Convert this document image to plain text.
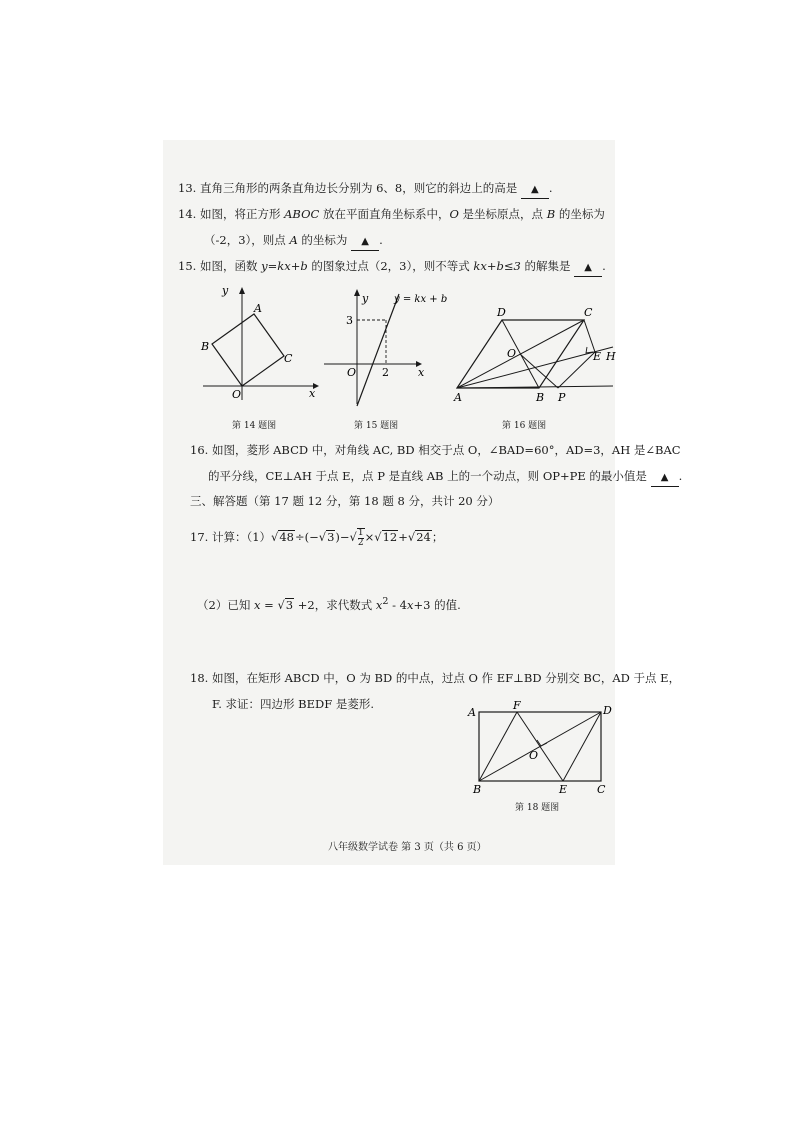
13. 直角三角形的两条直角边长分别为 6、8，则它的斜边上的高是 ▲ .
14. 如图，将正方形 ABOC 放在平面直角坐标系中，O 是坐标原点，点 B 的坐标为
（-2，3），则点 A 的坐标为 ▲ .
15. 如图，函数 y=kx+b 的图象过点（2，3），则不等式 kx+b≤3 的解集是 ▲ .
y
x
A
B
C
O
第 14 题图
y
x
O
3
2
y = kx + b
第 15 题图
D	C
O	E H
A	B P
第 16 题图
16. 如图，菱形 ABCD 中，对角线 AC, BD 相交于点 O，∠BAD=60°，AD=3，AH 是∠BAC
的平分线，CE⊥AH 于点 E，点 P 是直线 AB 上的一个动点，则 OP+PE 的最小值是 ▲ .
三、解答题（第 17 题 12 分，第 18 题 8 分，共计 20 分）
17. 计算：$(1)√48\div(-√3)-√ \frac{1}{2} \times√12+√24$；
（2）已知 x = √3 +2，求代数式 $x^2 - 4x+3$ 的值.
18. 如图，在矩形 ABCD 中，O 为 BD 的中点，过点 O 作 EF⊥BD 分别交 BC，AD 于点 E，
F. 求证：四边形 BEDF 是菱形.
A
F	D
O
B	E	C
第 18 题图
八年级数学试卷 第 3 页（共 6 页）
